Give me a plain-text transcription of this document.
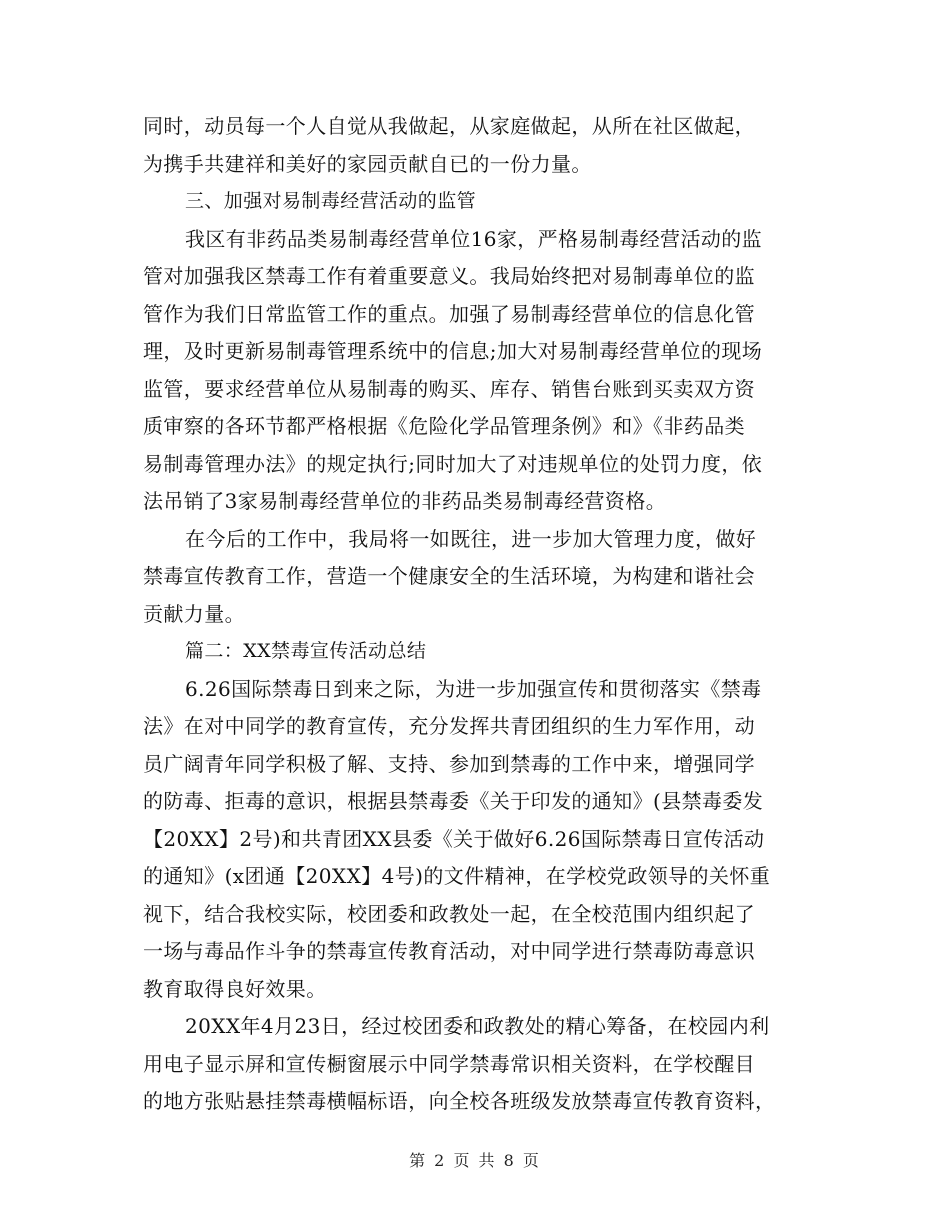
同时，动员每一个人自觉从我做起，从家庭做起，从所在社区做起，
为携手共建祥和美好的家园贡献自已的一份力量。
三、加强对易制毒经营活动的监管
我区有非药品类易制毒经营单位16家，严格易制毒经营活动的监
管对加强我区禁毒工作有着重要意义。我局始终把对易制毒单位的监
管作为我们日常监管工作的重点。加强了易制毒经营单位的信息化管
理，及时更新易制毒管理系统中的信息;加大对易制毒经营单位的现场
监管，要求经营单位从易制毒的购买、库存、销售台账到买卖双方资
质审察的各环节都严格根据《危险化学品管理条例》和》《非药品类
易制毒管理办法》的规定执行;同时加大了对违规单位的处罚力度，依
法吊销了3家易制毒经营单位的非药品类易制毒经营资格。
在今后的工作中，我局将一如既往，进一步加大管理力度，做好
禁毒宣传教育工作，营造一个健康安全的生活环境，为构建和谐社会
贡献力量。
篇二：XX禁毒宣传活动总结
6.26国际禁毒日到来之际，为进一步加强宣传和贯彻落实《禁毒
法》在对中同学的教育宣传，充分发挥共青团组织的生力军作用，动
员广阔青年同学积极了解、支持、参加到禁毒的工作中来，增强同学
的防毒、拒毒的意识，根据县禁毒委《关于印发的通知》(县禁毒委发
【20XX】2号)和共青团XX县委《关于做好6.26国际禁毒日宣传活动
的通知》(x团通【20XX】4号)的文件精神，在学校党政领导的关怀重
视下，结合我校实际，校团委和政教处一起，在全校范围内组织起了
一场与毒品作斗争的禁毒宣传教育活动，对中同学进行禁毒防毒意识
教育取得良好效果。
20XX年4月23日，经过校团委和政教处的精心筹备，在校园内利
用电子显示屏和宣传橱窗展示中同学禁毒常识相关资料，在学校醒目
的地方张贴悬挂禁毒横幅标语，向全校各班级发放禁毒宣传教育资料，
第 2 页 共 8 页
